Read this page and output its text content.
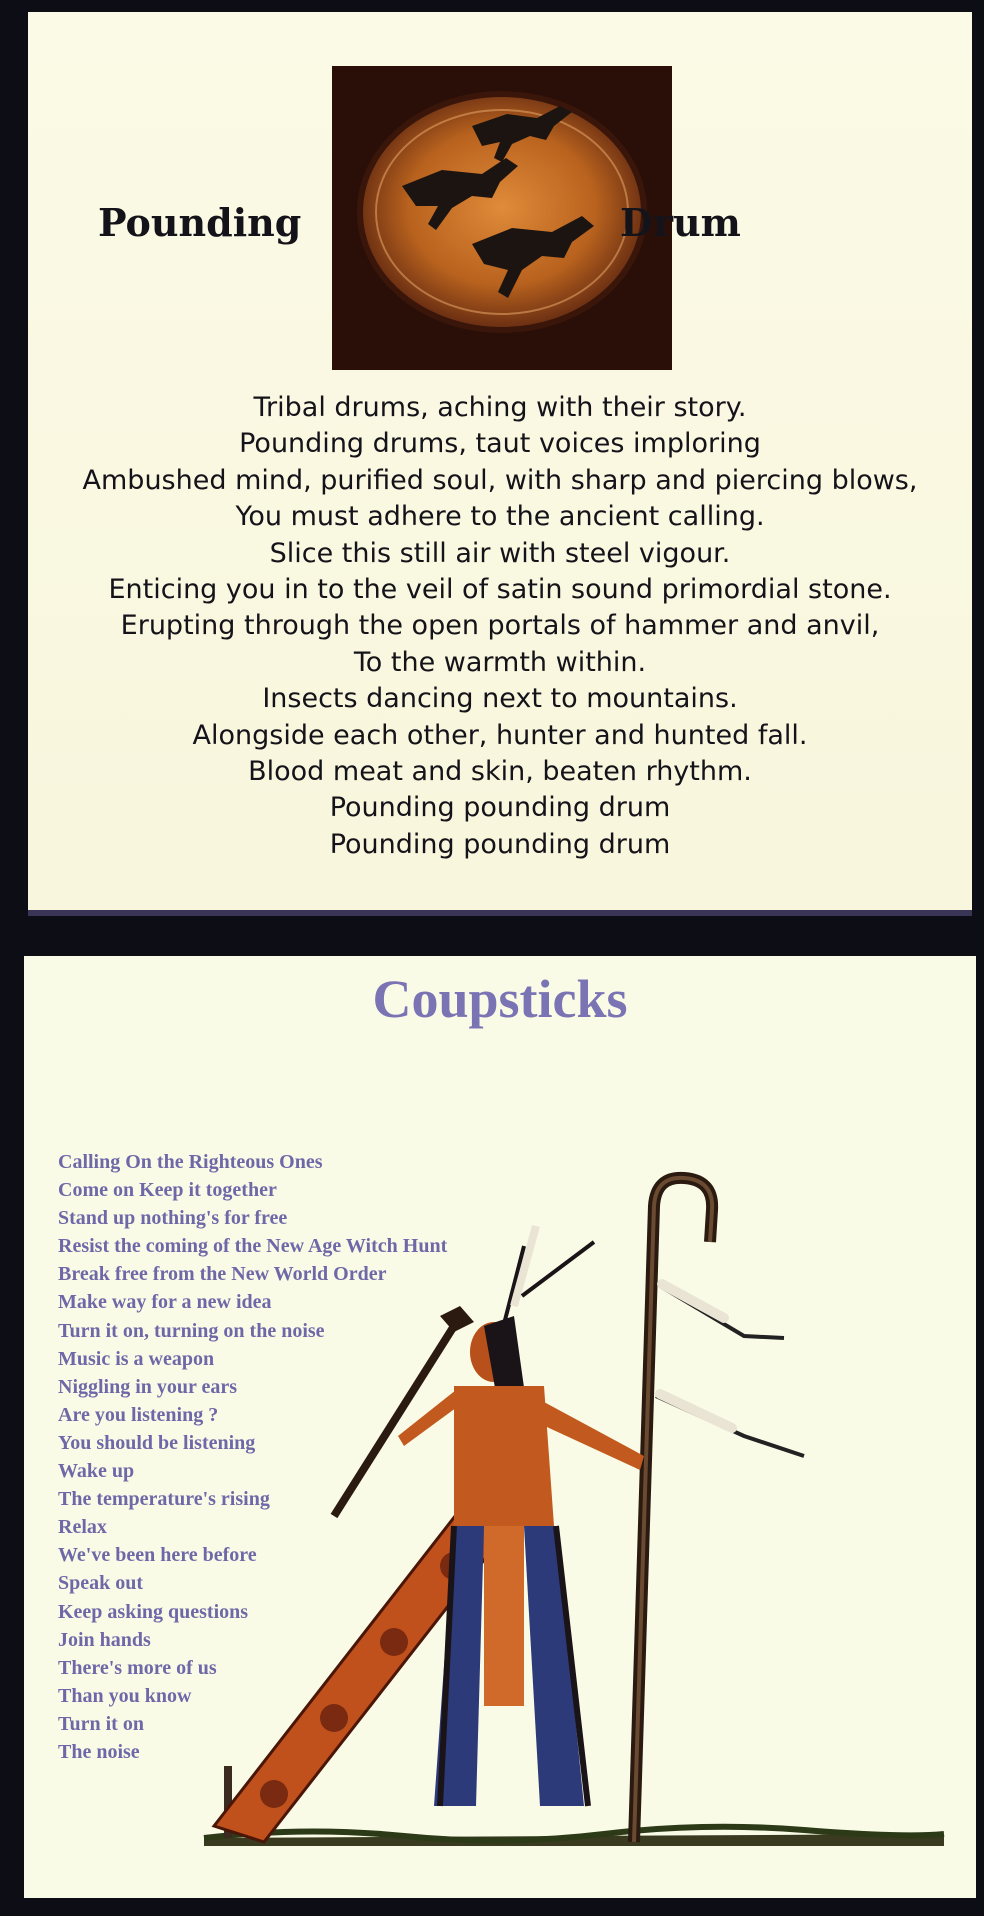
Pounding	Drum
Tribal drums, aching with their story.
Pounding drums, taut voices imploring
Ambushed mind, purified soul, with sharp and piercing blows,
You must adhere to the ancient calling.
Slice this still air with steel vigour.
Enticing you in to the veil of satin sound primordial stone.
Erupting through the open portals of hammer and anvil,
To the warmth within.
Insects dancing next to mountains.
Alongside each other, hunter and hunted fall.
Blood meat and skin, beaten rhythm.
Pounding pounding drum
Pounding pounding drum
Coupsticks
Calling On the Righteous Ones
Come on Keep it together
Stand up nothing's for free
Resist the coming of the New Age Witch Hunt
Break free from the New World Order
Make way for a new idea
Turn it on, turning on the noise
Music is a weapon
Niggling in your ears
Are you listening ?
You should be listening
Wake up
The temperature's rising
Relax
We've been here before
Speak out
Keep asking questions
Join hands
There's more of us
Than you know
Turn it on
The noise
